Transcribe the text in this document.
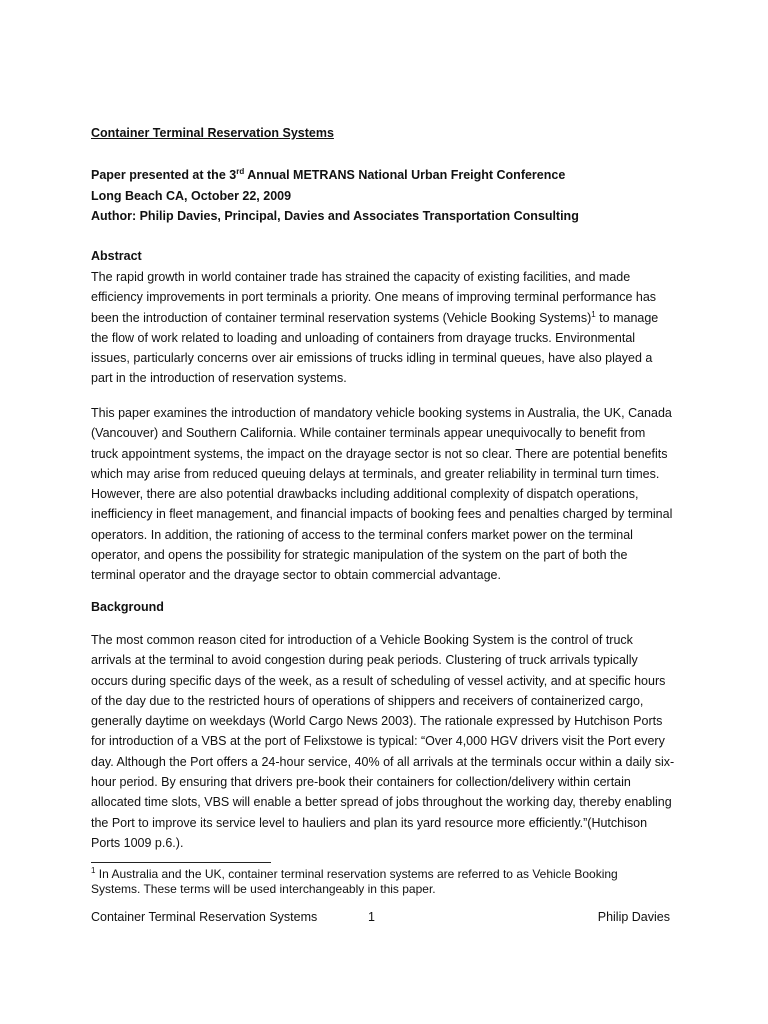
Container Terminal Reservation Systems
Paper presented at the 3rd Annual METRANS National Urban Freight Conference
Long Beach CA, October 22, 2009
Author: Philip Davies, Principal, Davies and Associates Transportation Consulting
Abstract
The rapid growth in world container trade has strained the capacity of existing facilities, and made
efficiency improvements in port terminals a priority. One means of improving terminal performance has
been the introduction of container terminal reservation systems (Vehicle Booking Systems)$^1$ to manage
the flow of work related to loading and unloading of containers from drayage trucks. Environmental
issues, particularly concerns over air emissions of trucks idling in terminal queues, have also played a
part in the introduction of reservation systems.
This paper examines the introduction of mandatory vehicle booking systems in Australia, the UK, Canada
(Vancouver) and Southern California. While container terminals appear unequivocally to benefit from
truck appointment systems, the impact on the drayage sector is not so clear. There are potential benefits
which may arise from reduced queuing delays at terminals, and greater reliability in terminal turn times.
However, there are also potential drawbacks including additional complexity of dispatch operations,
inefficiency in fleet management, and financial impacts of booking fees and penalties charged by terminal
operators. In addition, the rationing of access to the terminal confers market power on the terminal
operator, and opens the possibility for strategic manipulation of the system on the part of both the
terminal operator and the drayage sector to obtain commercial advantage.
Background
The most common reason cited for introduction of a Vehicle Booking System is the control of truck
arrivals at the terminal to avoid congestion during peak periods. Clustering of truck arrivals typically
occurs during specific days of the week, as a result of scheduling of vessel activity, and at specific hours
of the day due to the restricted hours of operations of shippers and receivers of containerized cargo,
generally daytime on weekdays (World Cargo News 2003). The rationale expressed by Hutchison Ports
for introduction of a VBS at the port of Felixstowe is typical: “Over 4,000 HGV drivers visit the Port every
day. Although the Port offers a 24-hour service, 40% of all arrivals at the terminals occur within a daily six-
hour period. By ensuring that drivers pre-book their containers for collection/delivery within certain
allocated time slots, VBS will enable a better spread of jobs throughout the working day, thereby enabling
the Port to improve its service level to hauliers and plan its yard resource more efficiently.”(Hutchison
Ports 1009 p.6.).
$^1$ In Australia and the UK, container terminal reservation systems are referred to as Vehicle Booking
Systems. These terms will be used interchangeably in this paper.
Container Terminal Reservation Systems	1	Philip Davies
